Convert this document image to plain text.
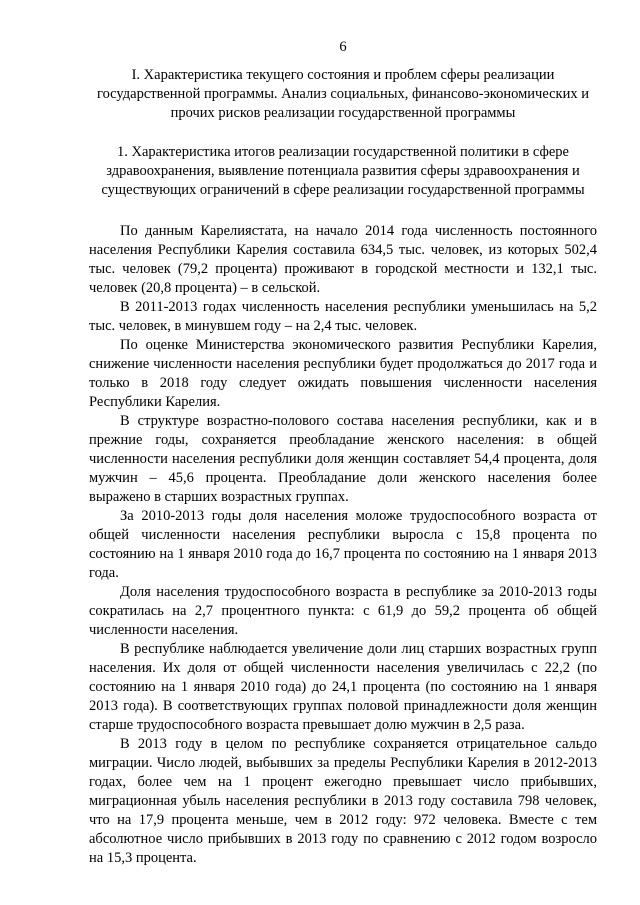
6
I. Характеристика текущего состояния и проблем сферы реализации государственной программы. Анализ социальных, финансово-экономических и прочих рисков реализации государственной программы
1. Характеристика итогов реализации государственной политики в сфере здравоохранения, выявление потенциала развития сферы здравоохранения и существующих ограничений в сфере реализации государственной программы

По данным Карелиястата, на начало 2014 года численность постоянного населения Республики Карелия составила 634,5 тыс. человек, из которых 502,4 тыс. человек (79,2 процента) проживают в городской местности и 132,1 тыс. человек (20,8 процента) – в сельской.

В 2011-2013 годах численность населения республики уменьшилась на 5,2 тыс. человек, в минувшем году – на 2,4 тыс. человек.

По оценке Министерства экономического развития Республики Карелия, снижение численности населения республики будет продолжаться до 2017 года и только в 2018 году следует ожидать повышения численности населения Республики Карелия.

В структуре возрастно-полового состава населения республики, как и в прежние годы, сохраняется преобладание женского населения: в общей численности населения республики доля женщин составляет 54,4 процента, доля мужчин – 45,6 процента. Преобладание доли женского населения более выражено в старших возрастных группах.

За 2010-2013 годы доля населения моложе трудоспособного возраста от общей численности населения республики выросла с 15,8 процента по состоянию на 1 января 2010 года до 16,7 процента по состоянию на 1 января 2013 года.

Доля населения трудоспособного возраста в республике за 2010-2013 годы сократилась на 2,7 процентного пункта: с 61,9 до 59,2 процента об общей численности населения.

В республике наблюдается увеличение доли лиц старших возрастных групп населения. Их доля от общей численности населения увеличилась с 22,2 (по состоянию на 1 января 2010 года) до 24,1 процента (по состоянию на 1 января 2013 года). В соответствующих группах половой принадлежности доля женщин старше трудоспособного возраста превышает долю мужчин в 2,5 раза.

В 2013 году в целом по республике сохраняется отрицательное сальдо миграции. Число людей, выбывших за пределы Республики Карелия в 2012-2013 годах, более чем на 1 процент ежегодно превышает число прибывших, миграционная убыль населения республики в 2013 году составила 798 человек, что на 17,9 процента меньше, чем в 2012 году: 972 человека. Вместе с тем абсолютное число прибывших в 2013 году по сравнению с 2012 годом возросло на 15,3 процента.
